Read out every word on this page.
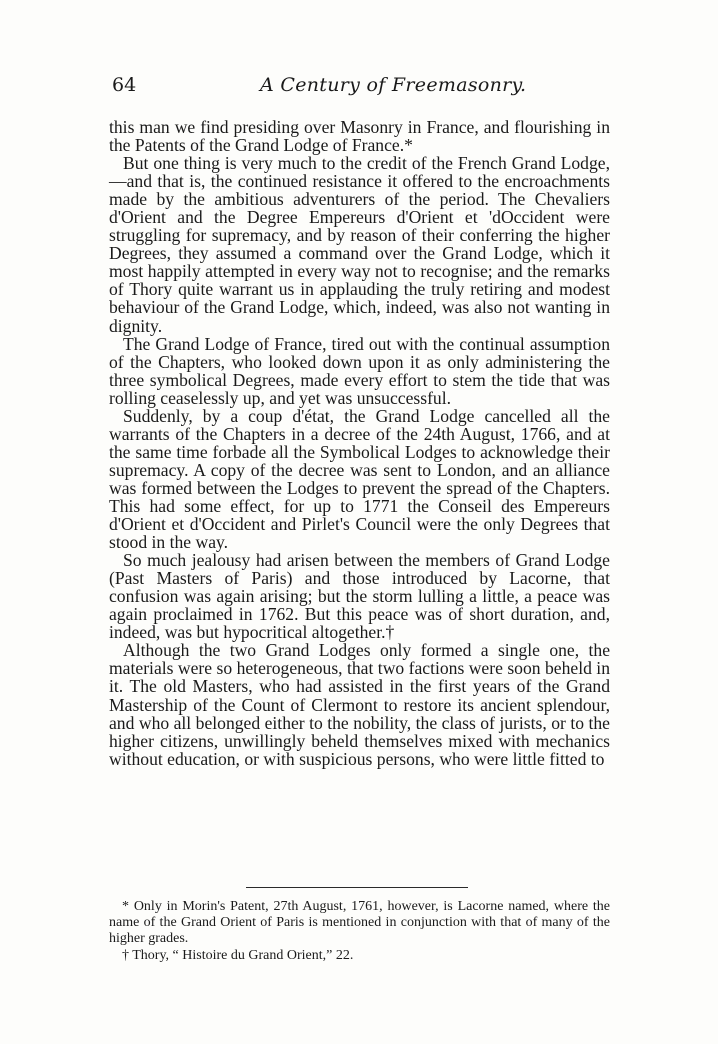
64	A Century of Freemasonry.

this man we find presiding over Masonry in France, and flourishing in the Patents of the Grand Lodge of France.*

But one thing is very much to the credit of the French Grand Lodge,—and that is, the continued resistance it offered to the encroachments made by the ambitious adventurers of the period. The Chevaliers d'Orient and the Degree Empereurs d'Orient et 'dOccident were struggling for supremacy, and by reason of their conferring the higher Degrees, they assumed a command over the Grand Lodge, which it most happily attempted in every way not to recognise; and the remarks of Thory quite warrant us in applauding the truly retiring and modest behaviour of the Grand Lodge, which, indeed, was also not wanting in dignity.

The Grand Lodge of France, tired out with the continual assumption of the Chapters, who looked down upon it as only administering the three symbolical Degrees, made every effort to stem the tide that was rolling ceaselessly up, and yet was unsuccessful.

Suddenly, by a coup d'état, the Grand Lodge cancelled all the warrants of the Chapters in a decree of the 24th August, 1766, and at the same time forbade all the Symbolical Lodges to acknowledge their supremacy. A copy of the decree was sent to London, and an alliance was formed between the Lodges to prevent the spread of the Chapters. This had some effect, for up to 1771 the Conseil des Empereurs d'Orient et d'Occident and Pirlet's Council were the only Degrees that stood in the way.

So much jealousy had arisen between the members of Grand Lodge (Past Masters of Paris) and those introduced by Lacorne, that confusion was again arising; but the storm lulling a little, a peace was again proclaimed in 1762. But this peace was of short duration, and, indeed, was but hypocritical altogether.†

Although the two Grand Lodges only formed a single one, the materials were so heterogeneous, that two factions were soon beheld in it. The old Masters, who had assisted in the first years of the Grand Mastership of the Count of Clermont to restore its ancient splendour, and who all belonged either to the nobility, the class of jurists, or to the higher citizens, unwillingly beheld themselves mixed with mechanics without education, or with suspicious persons, who were little fitted to

* Only in Morin's Patent, 27th August, 1761, however, is Lacorne named, where the name of the Grand Orient of Paris is mentioned in conjunction with that of many of the higher grades.

† Thory, “ Histoire du Grand Orient,” 22.
